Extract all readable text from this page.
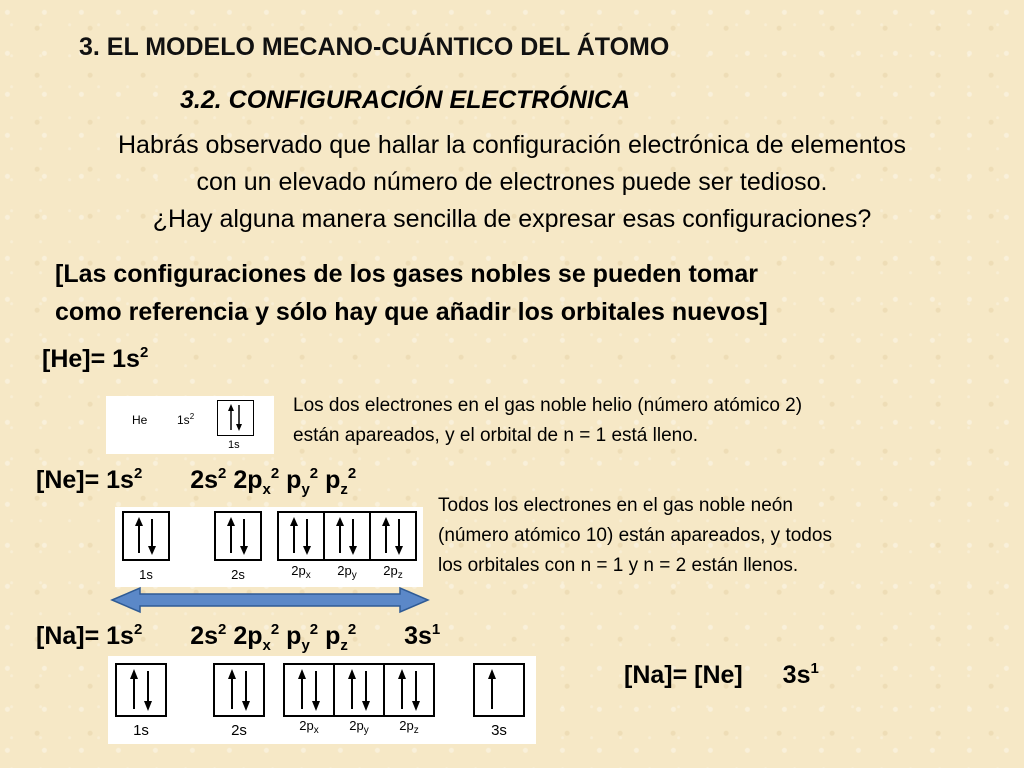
3. EL MODELO MECANO-CUÁNTICO DEL ÁTOMO
3.2. CONFIGURACIÓN ELECTRÓNICA
Habrás observado que hallar la configuración electrónica de elementos
con un elevado número de electrones puede ser tedioso.
¿Hay alguna manera sencilla de expresar esas configuraciones?
[Las configuraciones de los gases nobles se pueden tomar
como referencia y sólo hay que añadir los orbitales nuevos]
$[He]= 1s^2$
He $1s^2$
1s
Los dos electrones en el gas noble helio (número atómico 2)
están apareados, y el orbital de n = 1 está lleno.
$[Ne]= 1s^2$ $2s^2$ $2p_x^2$ $p_y^2$ $p_z^2$
1s	2s	$2p_x$	$2p_y$	$2p_z$
Todos los electrones en el gas noble neón
(número atómico 10) están apareados, y todos
los orbitales con n = 1 y n = 2 están llenos.
$[Na]= 1s^2$ $2s^2$ $2p_x^2$ $p_y^2$ $p_z^2$ $3s^1$
1s	2s	$2p_x$	$2p_y$	$2p_z$	3s
[Na]= [Ne] $3s^1$
